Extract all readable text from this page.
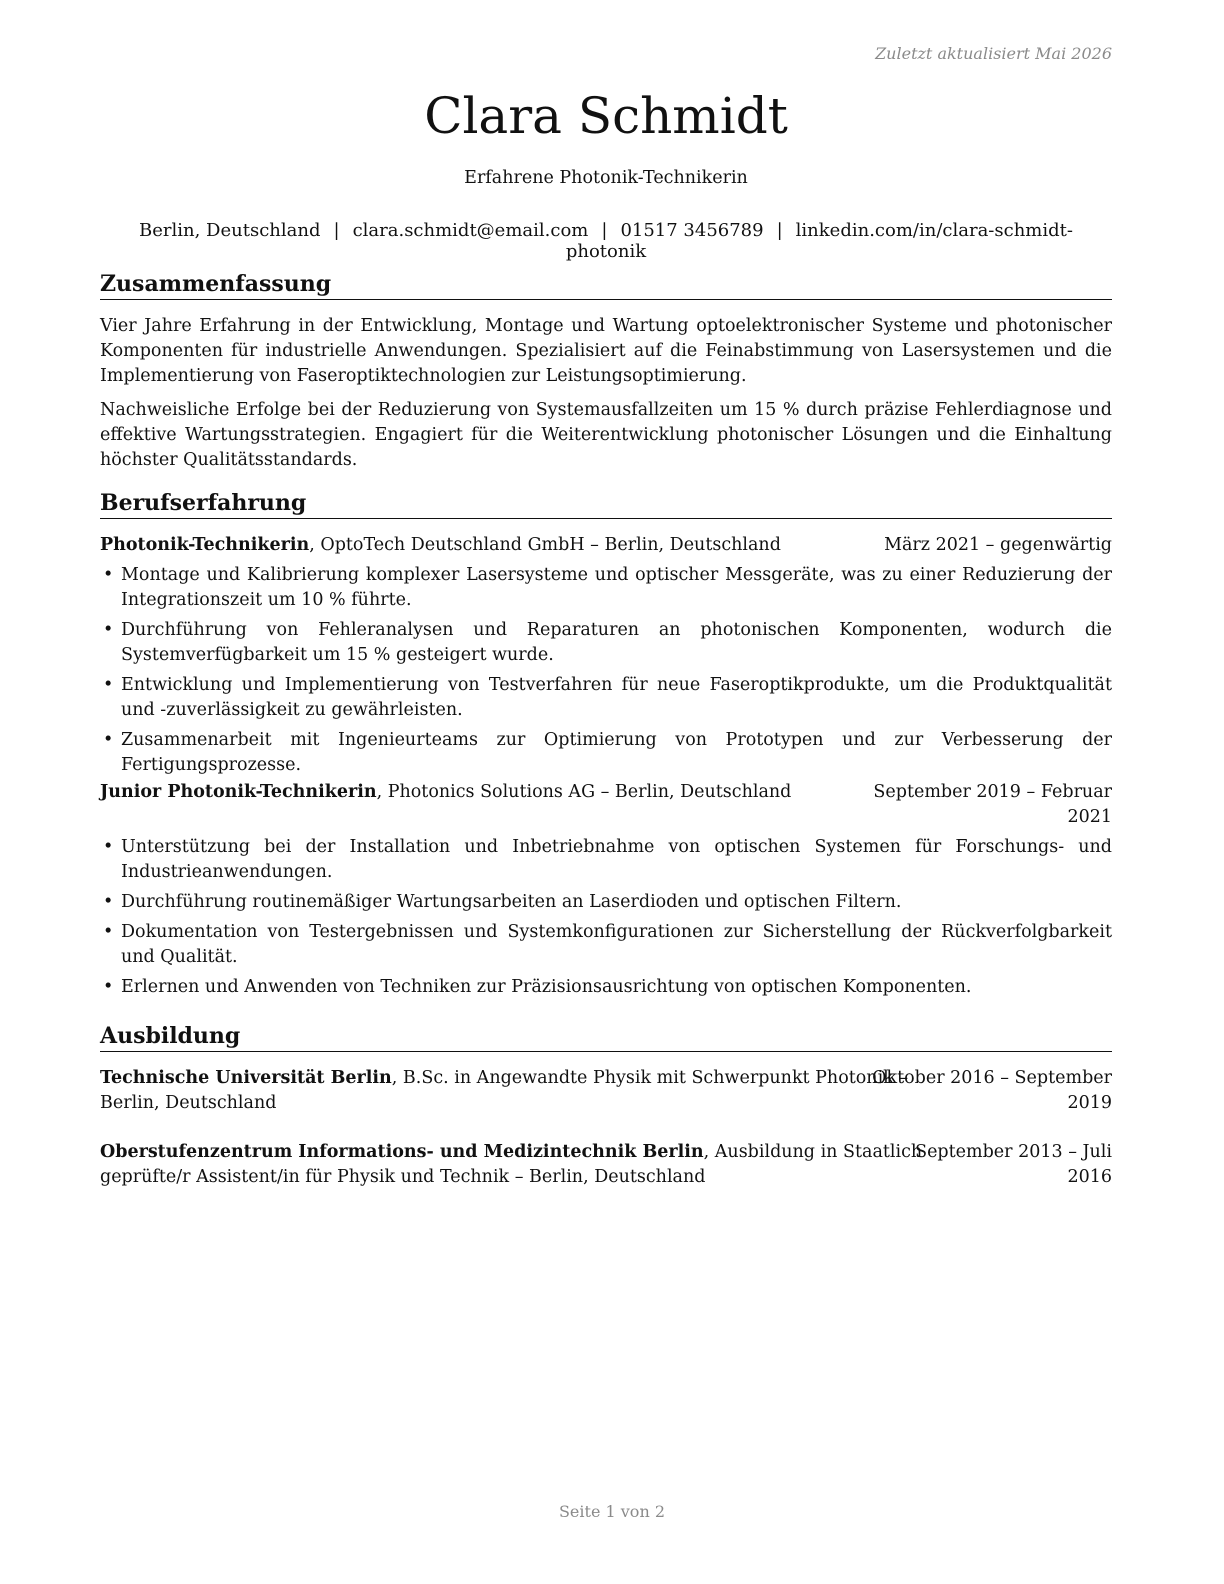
Zuletzt aktualisiert Mai 2026
Clara Schmidt
Erfahrene Photonik-Technikerin
Berlin, Deutschland | clara.schmidt@email.com | 01517 3456789 | linkedin.com/in/clara-schmidt-photonik
Zusammenfassung
Vier Jahre Erfahrung in der Entwicklung, Montage und Wartung optoelektronischer Systeme und photonischer Komponenten für industrielle Anwendungen. Spezialisiert auf die Feinabstimmung von Lasersystemen und die Implementierung von Faseroptiktechnologien zur Leistungsoptimierung.
Nachweisliche Erfolge bei der Reduzierung von Systemausfallzeiten um 15 % durch präzise Fehlerdiagnose und effektive Wartungsstrategien. Engagiert für die Weiterentwicklung photonischer Lösungen und die Einhaltung höchster Qualitätsstandards.
Berufserfahrung
Photonik-Technikerin, OptoTech Deutschland GmbH – Berlin, Deutschland	März 2021 – gegenwärtig
• Montage und Kalibrierung komplexer Lasersysteme und optischer Messgeräte, was zu einer Reduzierung der Integrationszeit um 10 % führte.
• Durchführung von Fehleranalysen und Reparaturen an photonischen Komponenten, wodurch die Systemverfügbarkeit um 15 % gesteigert wurde.
• Entwicklung und Implementierung von Testverfahren für neue Faseroptikprodukte, um die Produktqualität und -zuverlässigkeit zu gewährleisten.
• Zusammenarbeit mit Ingenieurteams zur Optimierung von Prototypen und zur Verbesserung der Fertigungsprozesse.
Junior Photonik-Technikerin, Photonics Solutions AG – Berlin, Deutschland	September 2019 – Februar
2021
• Unterstützung bei der Installation und Inbetriebnahme von optischen Systemen für Forschungs- und Industrieanwendungen.
• Durchführung routinemäßiger Wartungsarbeiten an Laserdioden und optischen Filtern.
• Dokumentation von Testergebnissen und Systemkonfigurationen zur Sicherstellung der Rückverfolgbarkeit und Qualität.
• Erlernen und Anwenden von Techniken zur Präzisionsausrichtung von optischen Komponenten.
Ausbildung
Technische Universität Berlin, B.Sc. in Angewandte Physik mit Schwerpunkt Photonik –
Berlin, Deutschland
Oktober 2016 – September
2019
Oberstufenzentrum Informations- und Medizintechnik Berlin, Ausbildung in Staatlich
geprüfte/r Assistent/in für Physik und Technik – Berlin, Deutschland
September 2013 – Juli
2016
Seite 1 von 2
